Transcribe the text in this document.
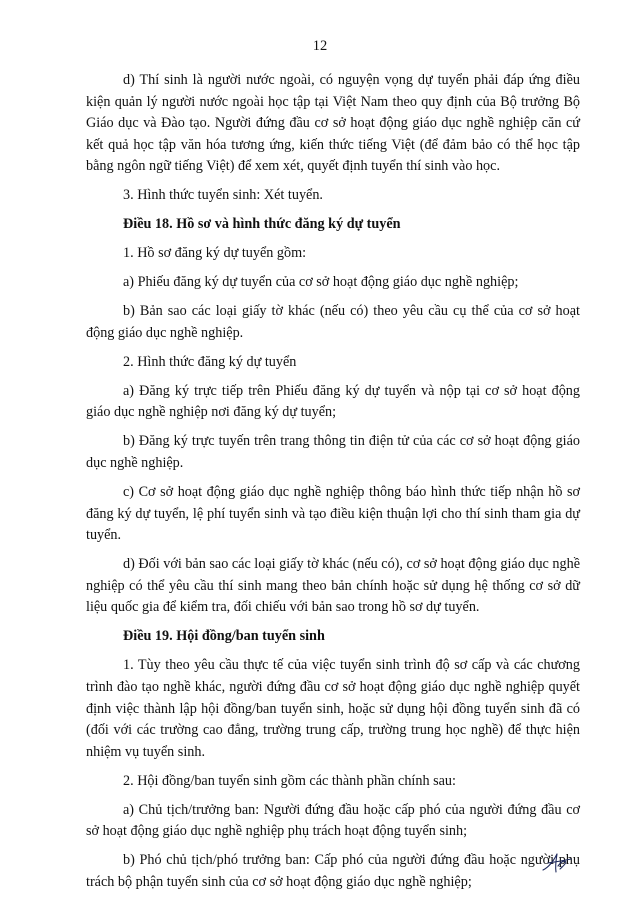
12

d) Thí sinh là người nước ngoài, có nguyện vọng dự tuyển phải đáp ứng điều kiện quản lý người nước ngoài học tập tại Việt Nam theo quy định của Bộ trưởng Bộ Giáo dục và Đào tạo. Người đứng đầu cơ sở hoạt động giáo dục nghề nghiệp căn cứ kết quả học tập văn hóa tương ứng, kiến thức tiếng Việt (để đảm bảo có thể học tập bằng ngôn ngữ tiếng Việt) để xem xét, quyết định tuyển thí sinh vào học.

3. Hình thức tuyển sinh: Xét tuyển.

Điều 18. Hồ sơ và hình thức đăng ký dự tuyển

1. Hồ sơ đăng ký dự tuyển gồm:

a) Phiếu đăng ký dự tuyển của cơ sở hoạt động giáo dục nghề nghiệp;

b) Bản sao các loại giấy tờ khác (nếu có) theo yêu cầu cụ thể của cơ sở hoạt động giáo dục nghề nghiệp.

2. Hình thức đăng ký dự tuyển

a) Đăng ký trực tiếp trên Phiếu đăng ký dự tuyển và nộp tại cơ sở hoạt động giáo dục nghề nghiệp nơi đăng ký dự tuyển;

b) Đăng ký trực tuyến trên trang thông tin điện tử của các cơ sở hoạt động giáo dục nghề nghiệp.

c) Cơ sở hoạt động giáo dục nghề nghiệp thông báo hình thức tiếp nhận hồ sơ đăng ký dự tuyển, lệ phí tuyển sinh và tạo điều kiện thuận lợi cho thí sinh tham gia dự tuyển.

d) Đối với bản sao các loại giấy tờ khác (nếu có), cơ sở hoạt động giáo dục nghề nghiệp có thể yêu cầu thí sinh mang theo bản chính hoặc sử dụng hệ thống cơ sở dữ liệu quốc gia để kiểm tra, đối chiếu với bản sao trong hồ sơ dự tuyển.

Điều 19. Hội đồng/ban tuyển sinh

1. Tùy theo yêu cầu thực tế của việc tuyển sinh trình độ sơ cấp và các chương trình đào tạo nghề khác, người đứng đầu cơ sở hoạt động giáo dục nghề nghiệp quyết định việc thành lập hội đồng/ban tuyển sinh, hoặc sử dụng hội đồng tuyển sinh đã có (đối với các trường cao đẳng, trường trung cấp, trường trung học nghề) để thực hiện nhiệm vụ tuyển sinh.

2. Hội đồng/ban tuyển sinh gồm các thành phần chính sau:

a) Chủ tịch/trưởng ban: Người đứng đầu hoặc cấp phó của người đứng đầu cơ sở hoạt động giáo dục nghề nghiệp phụ trách hoạt động tuyển sinh;

b) Phó chủ tịch/phó trưởng ban: Cấp phó của người đứng đầu hoặc người phụ trách bộ phận tuyển sinh của cơ sở hoạt động giáo dục nghề nghiệp;
